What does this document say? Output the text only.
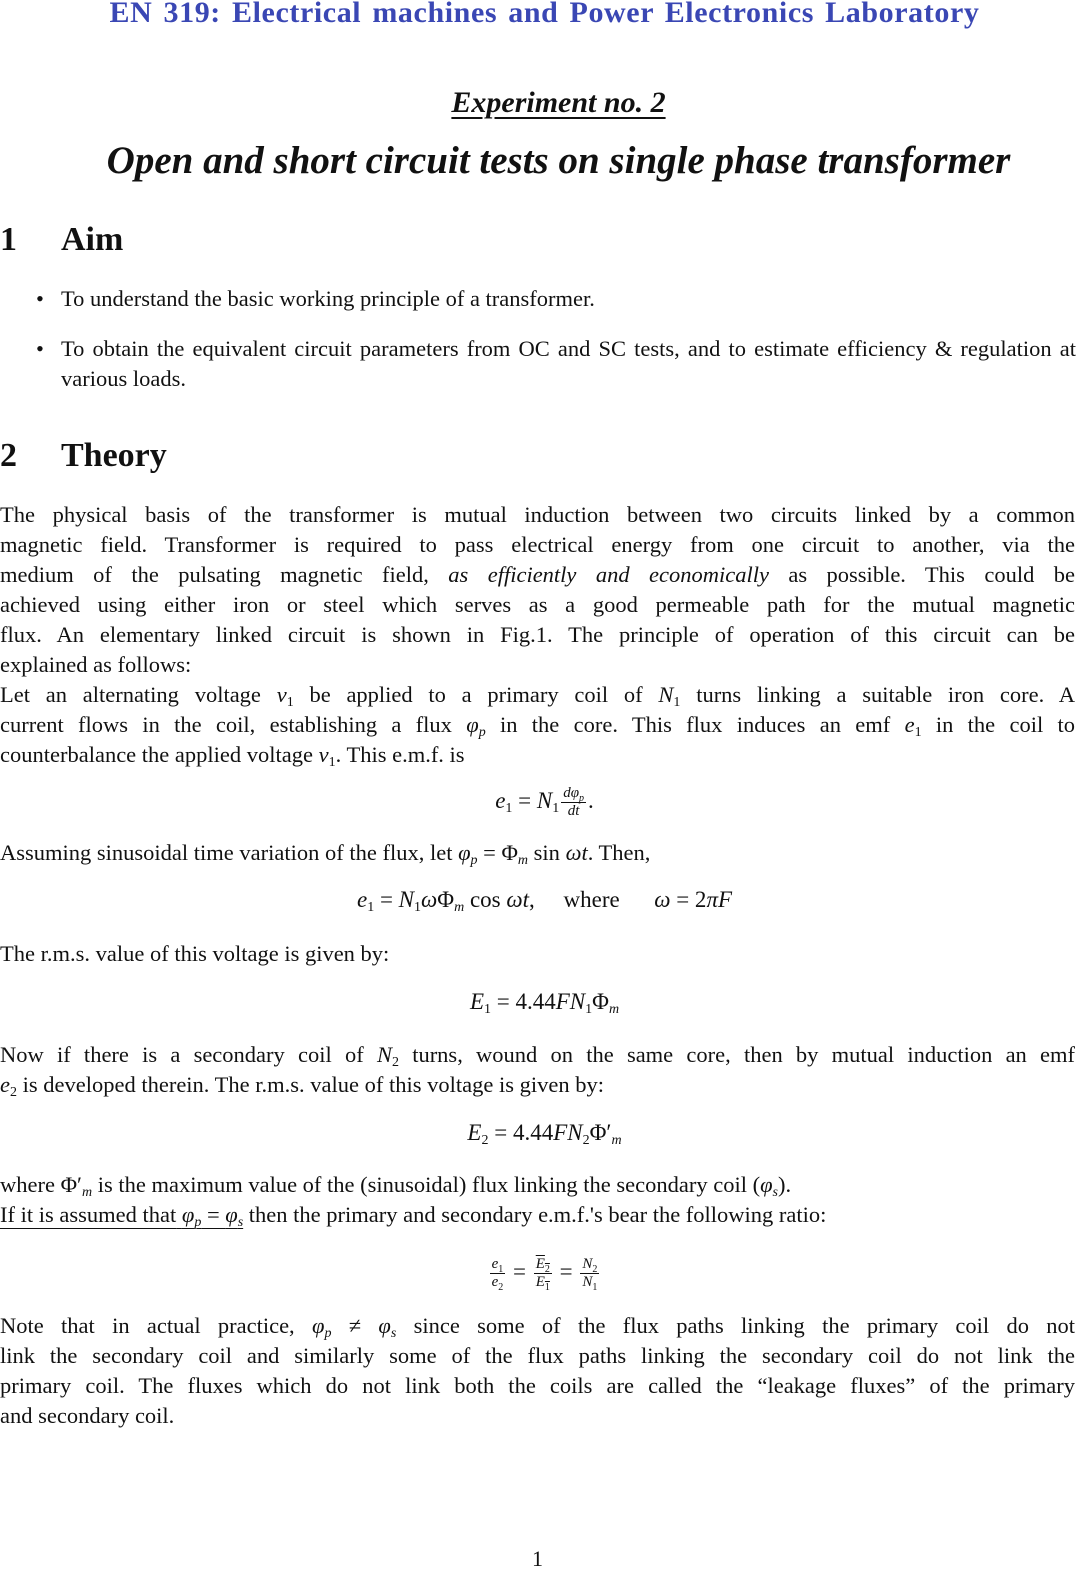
EN 319: Electrical machines and Power Electronics Laboratory
Experiment no. 2
Open and short circuit tests on single phase transformer
1 Aim
• To understand the basic working principle of a transformer.
• To obtain the equivalent circuit parameters from OC and SC tests, and to estimate efficiency & regulation at various loads.
2 Theory
The physical basis of the transformer is mutual induction between two circuits linked by a common
magnetic field. Transformer is required to pass electrical energy from one circuit to another, via the
medium of the pulsating magnetic field, as efficiently and economically as possible. This could be
achieved using either iron or steel which serves as a good permeable path for the mutual magnetic
flux. An elementary linked circuit is shown in Fig.1. The principle of operation of this circuit can be
explained as follows:
Let an alternating voltage $v_1$ be applied to a primary coil of $N_1$ turns linking a suitable iron core. A
current flows in the coil, establishing a flux $\varphi_p$ in the core. This flux induces an emf $e_1$ in the coil to
counterbalance the applied voltage $v_1$. This e.m.f. is
$e_1 = N_1 \frac{d\varphi_p}{dt}$ .
Assuming sinusoidal time variation of the flux, let $\varphi_p = \Phi_m$ sin ωt. Then,
$e_1 = N_1\omega\Phi_m$ cos ωt,     where ω = 2πF
The r.m.s. value of this voltage is given by:
$E_1 = 4.44FN_1\Phi_m$
Now if there is a secondary coil of $N_2$ turns, wound on the same core, then by mutual induction an emf
$e_2$ is developed therein. The r.m.s. value of this voltage is given by:
$E_2 = 4.44FN_2\Phi'_m$
where $\Phi'_m$ is the maximum value of the (sinusoidal) flux linking the secondary coil $(\varphi_s)$.
If it is assumed that $\varphi_p = \varphi_s$ then the primary and secondary e.m.f.'s bear the following ratio:
$\frac{e_1}{e_2} = \frac{E_2}{E_1} = \frac{N_2}{N_1}$
Note that in actual practice, $\varphi_p \ne \varphi_s$ since some of the flux paths linking the primary coil do not
link the secondary coil and similarly some of the flux paths linking the secondary coil do not link the
primary coil. The fluxes which do not link both the coils are called the “leakage fluxes” of the primary
and secondary coil.
1
